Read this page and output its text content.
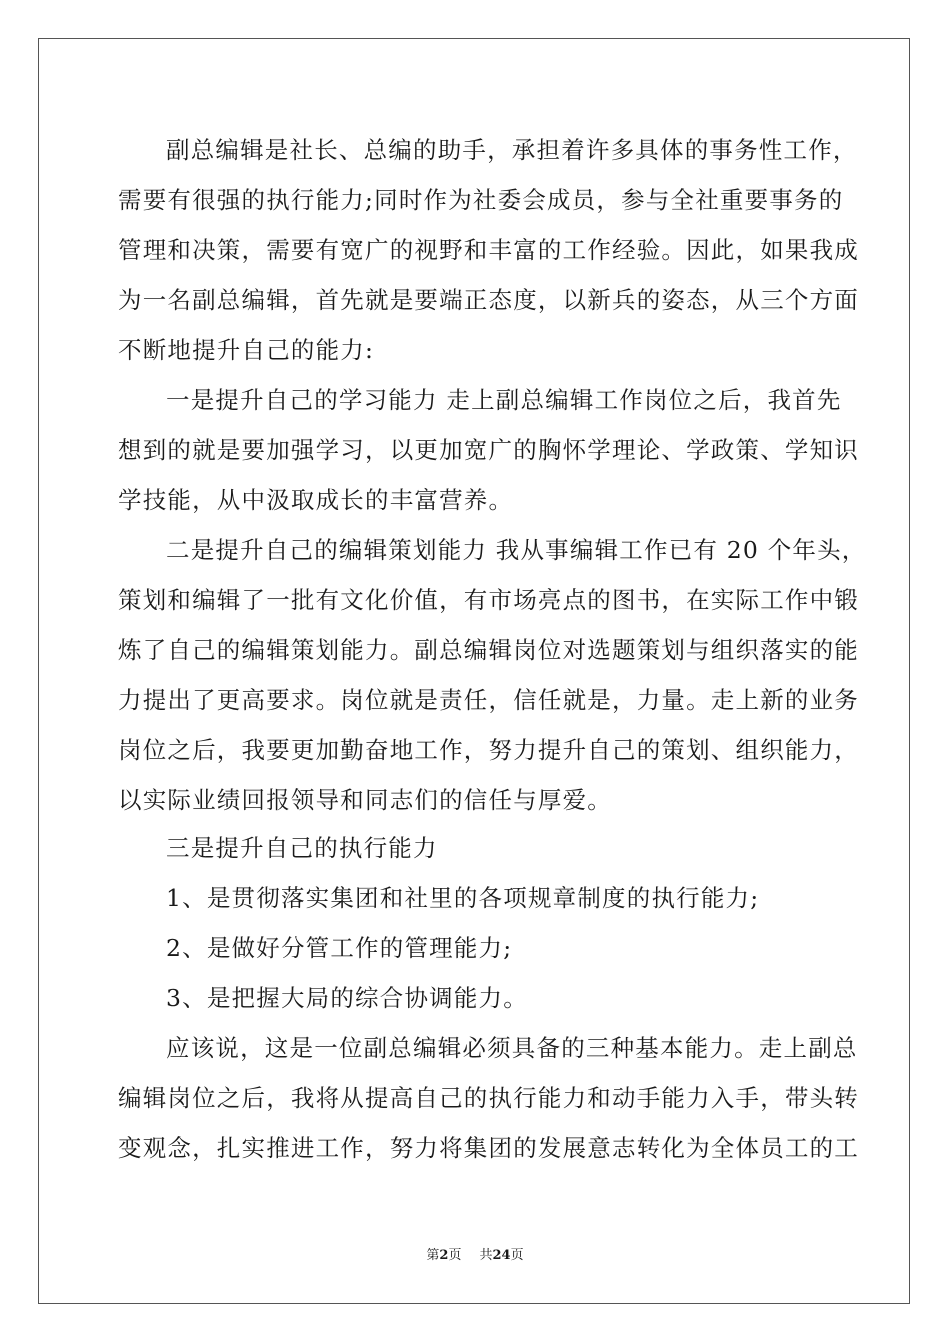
副总编辑是社长、总编的助手，承担着许多具体的事务性工作，
需要有很强的执行能力;同时作为社委会成员，参与全社重要事务的
管理和决策，需要有宽广的视野和丰富的工作经验。因此，如果我成
为一名副总编辑，首先就是要端正态度，以新兵的姿态，从三个方面
不断地提升自己的能力:
一是提升自己的学习能力 走上副总编辑工作岗位之后，我首先
想到的就是要加强学习，以更加宽广的胸怀学理论、学政策、学知识
学技能，从中汲取成长的丰富营养。
二是提升自己的编辑策划能力 我从事编辑工作已有 20 个年头，
策划和编辑了一批有文化价值，有市场亮点的图书，在实际工作中锻
炼了自己的编辑策划能力。副总编辑岗位对选题策划与组织落实的能
力提出了更高要求。岗位就是责任，信任就是，力量。走上新的业务
岗位之后，我要更加勤奋地工作，努力提升自己的策划、组织能力，
以实际业绩回报领导和同志们的信任与厚爱。
三是提升自己的执行能力
1、是贯彻落实集团和社里的各项规章制度的执行能力;
2、是做好分管工作的管理能力;
3、是把握大局的综合协调能力。
应该说，这是一位副总编辑必须具备的三种基本能力。走上副总
编辑岗位之后，我将从提高自己的执行能力和动手能力入手，带头转
变观念，扎实推进工作，努力将集团的发展意志转化为全体员工的工
第2页 共24页
